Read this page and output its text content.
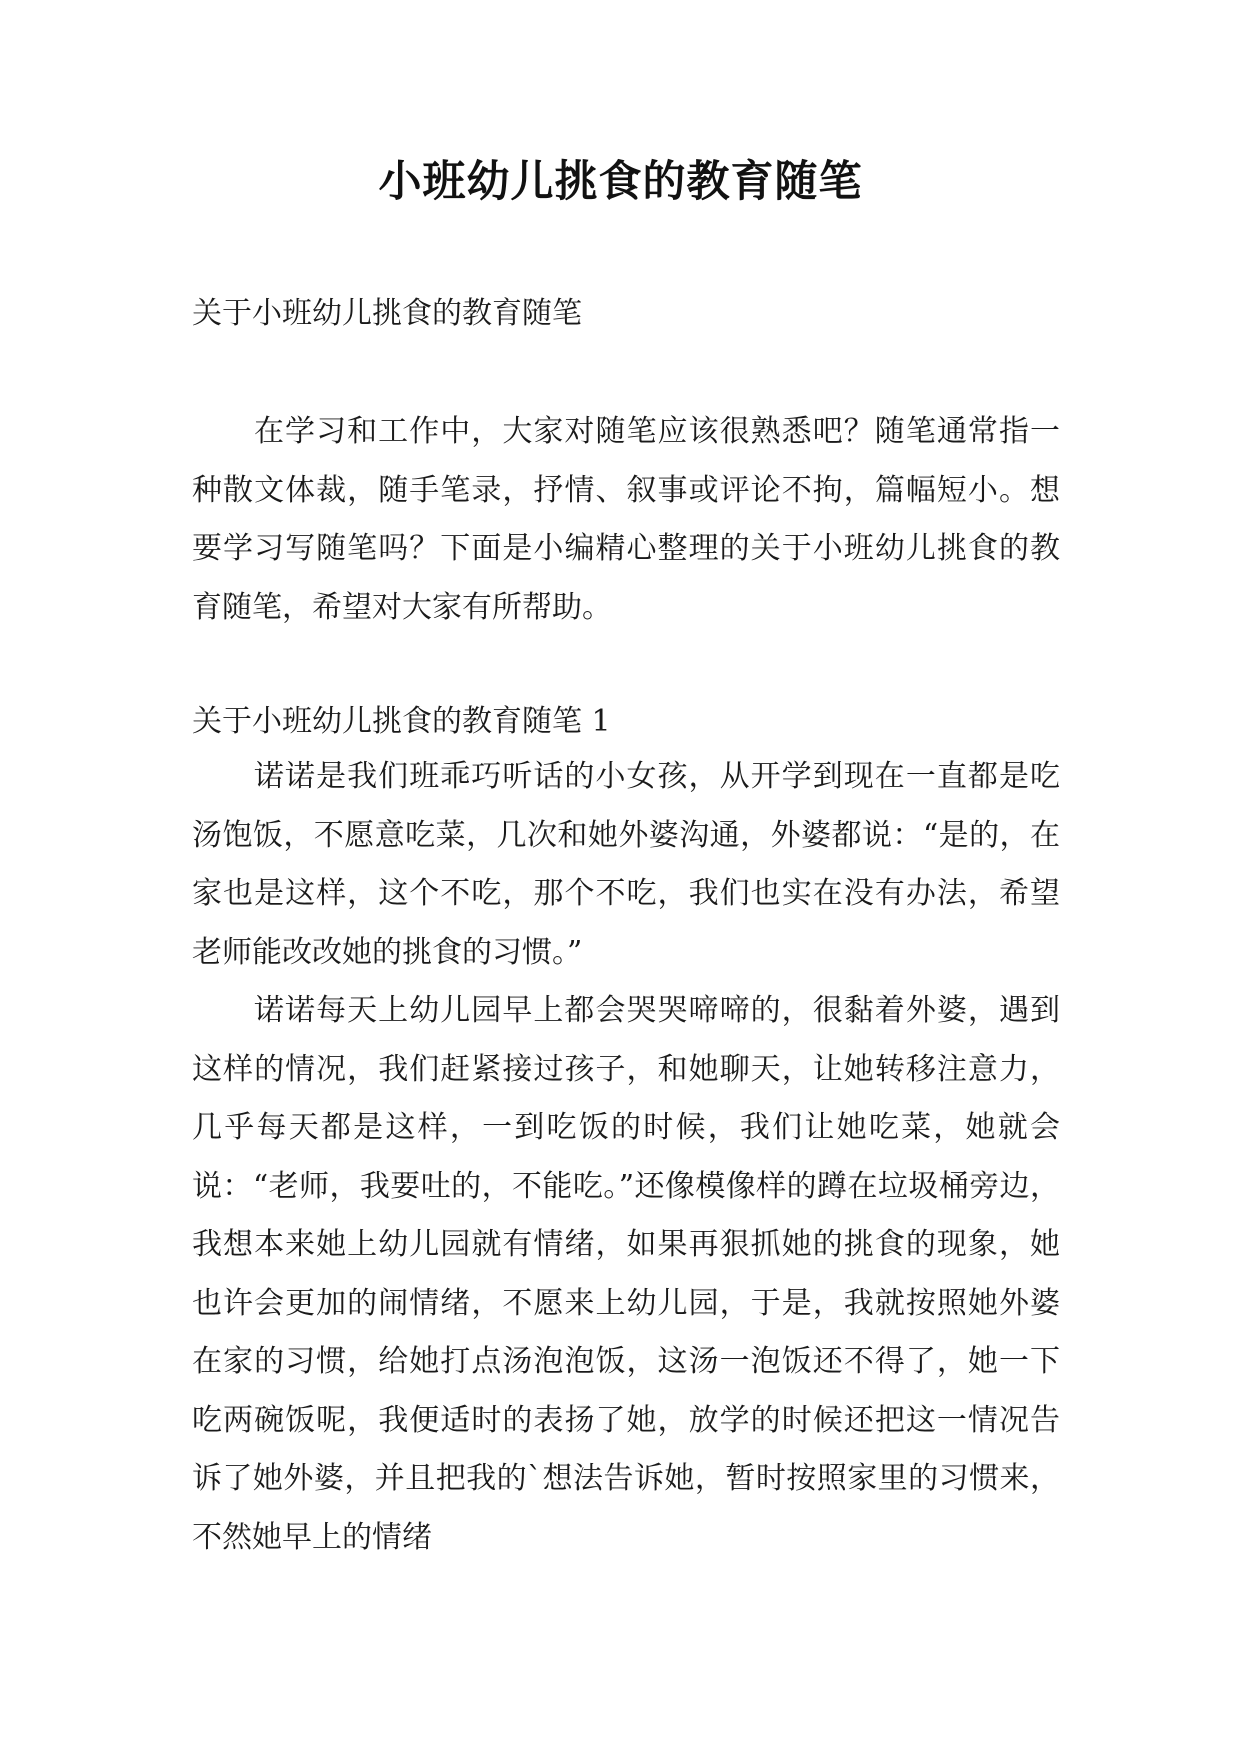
小班幼儿挑食的教育随笔
关于小班幼儿挑食的教育随笔

在学习和工作中，大家对随笔应该很熟悉吧？随笔通常指一种散文体裁，随手笔录，抒情、叙事或评论不拘，篇幅短小。想要学习写随笔吗？下面是小编精心整理的关于小班幼儿挑食的教育随笔，希望对大家有所帮助。

关于小班幼儿挑食的教育随笔 1

诺诺是我们班乖巧听话的小女孩，从开学到现在一直都是吃汤饱饭，不愿意吃菜，几次和她外婆沟通，外婆都说：“是的，在家也是这样，这个不吃，那个不吃，我们也实在没有办法，希望老师能改改她的挑食的习惯。”

诺诺每天上幼儿园早上都会哭哭啼啼的，很黏着外婆，遇到这样的情况，我们赶紧接过孩子，和她聊天，让她转移注意力，几乎每天都是这样，一到吃饭的时候，我们让她吃菜，她就会说：“老师，我要吐的，不能吃。”还像模像样的蹲在垃圾桶旁边，我想本来她上幼儿园就有情绪，如果再狠抓她的挑食的现象，她也许会更加的闹情绪，不愿来上幼儿园，于是，我就按照她外婆在家的习惯，给她打点汤泡泡饭，这汤一泡饭还不得了，她一下吃两碗饭呢，我便适时的表扬了她，放学的时候还把这一情况告诉了她外婆，并且把我的`想法告诉她，暂时按照家里的习惯来，不然她早上的情绪
